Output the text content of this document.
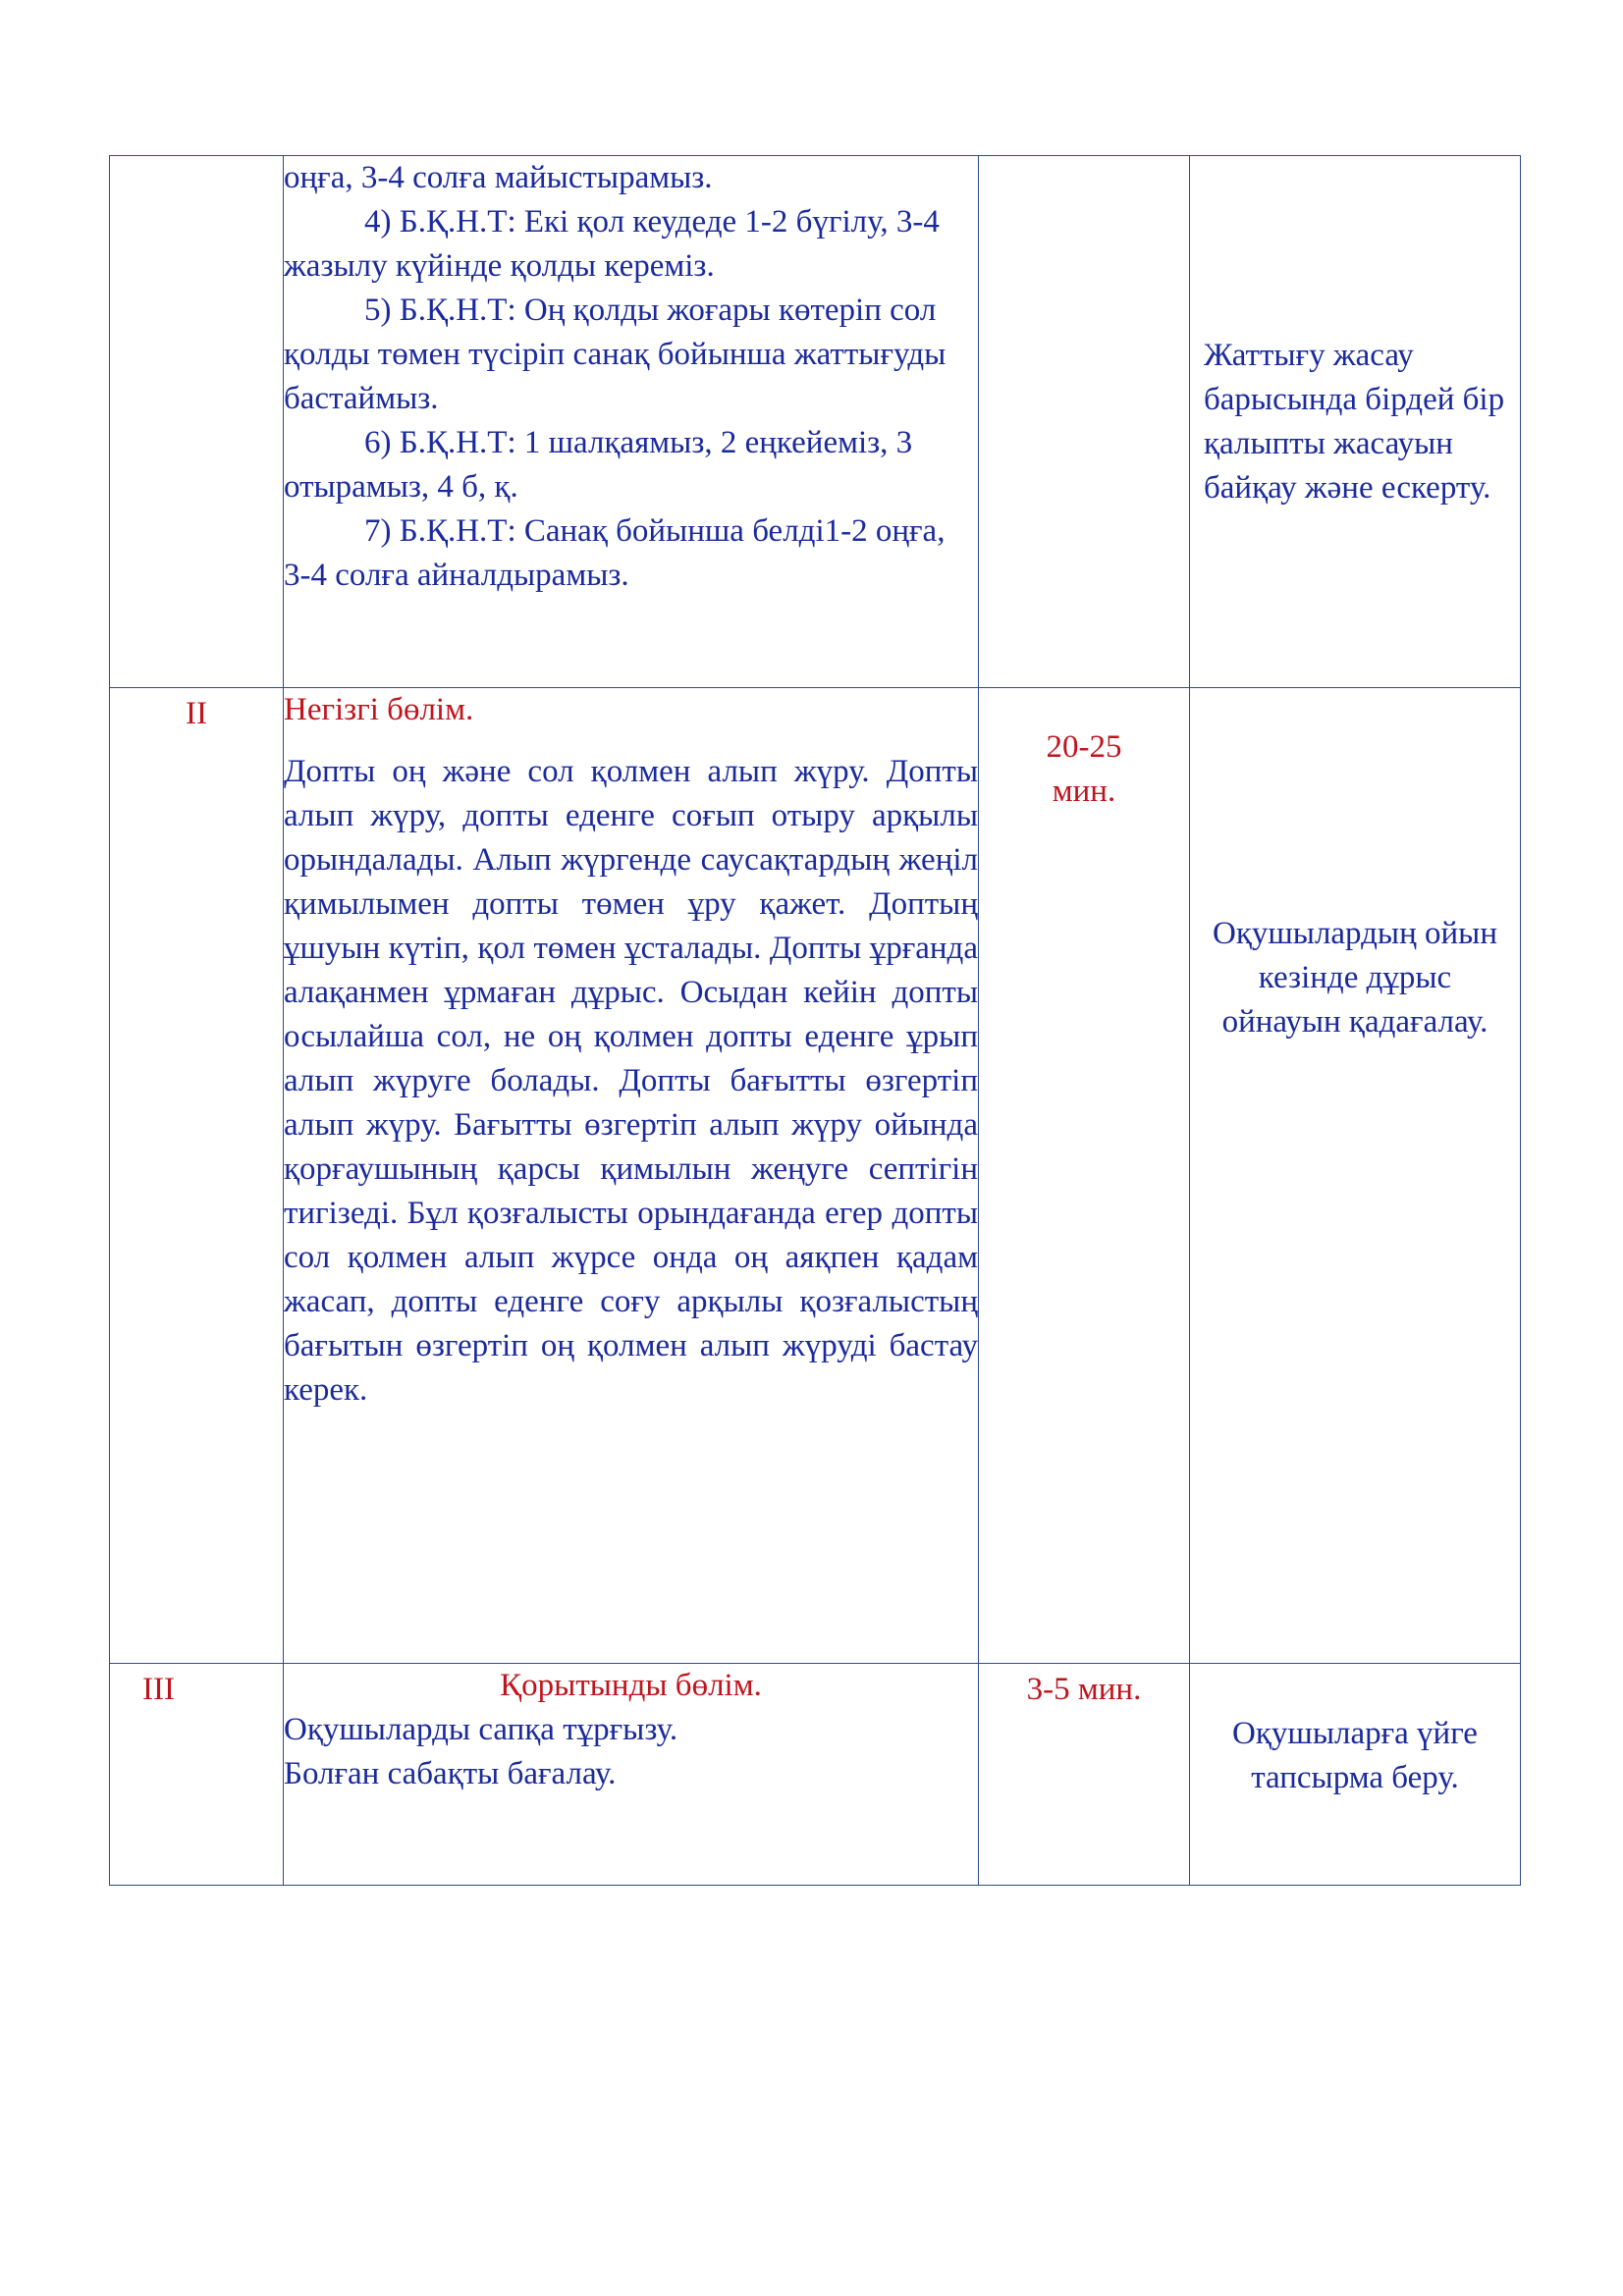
	оңға, 3-4 солға майыстырамыз.
4) Б.Қ.Н.Т: Екі қол кеудеде 1-2 бүгілу, 3-4 жазылу күйінде қолды кереміз.
5) Б.Қ.Н.Т: Оң қолды жоғары көтеріп сол қолды төмен түсіріп санақ бойынша жаттығуды бастаймыз.
6) Б.Қ.Н.Т: 1 шалқаямыз, 2 еңкейеміз, 3 отырамыз, 4 б, қ.
7) Б.Қ.Н.Т: Санақ бойынша белді1-2 оңға, 3-4 солға айналдырамыз.		Жаттығу жасау барысында бірдей бір қалыпты жасауын байқау және ескерту.

II	Негізгі бөлім.
Допты оң және сол қолмен алып жүру. Допты алып жүру, допты еденге соғып отыру арқылы орындалады. Алып жүргенде саусақтардың жеңіл қимылымен допты төмен ұру қажет. Доптың ұшуын күтіп, қол төмен ұсталады. Допты ұрғанда алақанмен ұрмаған дұрыс. Осыдан кейін допты осылайша сол, не оң қолмен допты еденге ұрып алып жүруге болады. Допты бағытты өзгертіп алып жүру. Бағытты өзгертіп алып жүру ойында қорғаушының қарсы қимылын жеңуге септігін тигізеді. Бұл қозғалысты орындағанда егер допты сол қолмен алып жүрсе онда оң аяқпен қадам жасап, допты еденге соғу арқылы қозғалыстың бағытын өзгертіп оң қолмен алып жүруді бастау керек.	20-25
мин.	Оқушылардың ойын кезінде дұрыс ойнауын қадағалау.

III	Қорытынды бөлім.
Оқушыларды сапқа тұрғызу.
Болған сабақты бағалау.	3-5 мин.	Оқушыларға үйге тапсырма беру.
